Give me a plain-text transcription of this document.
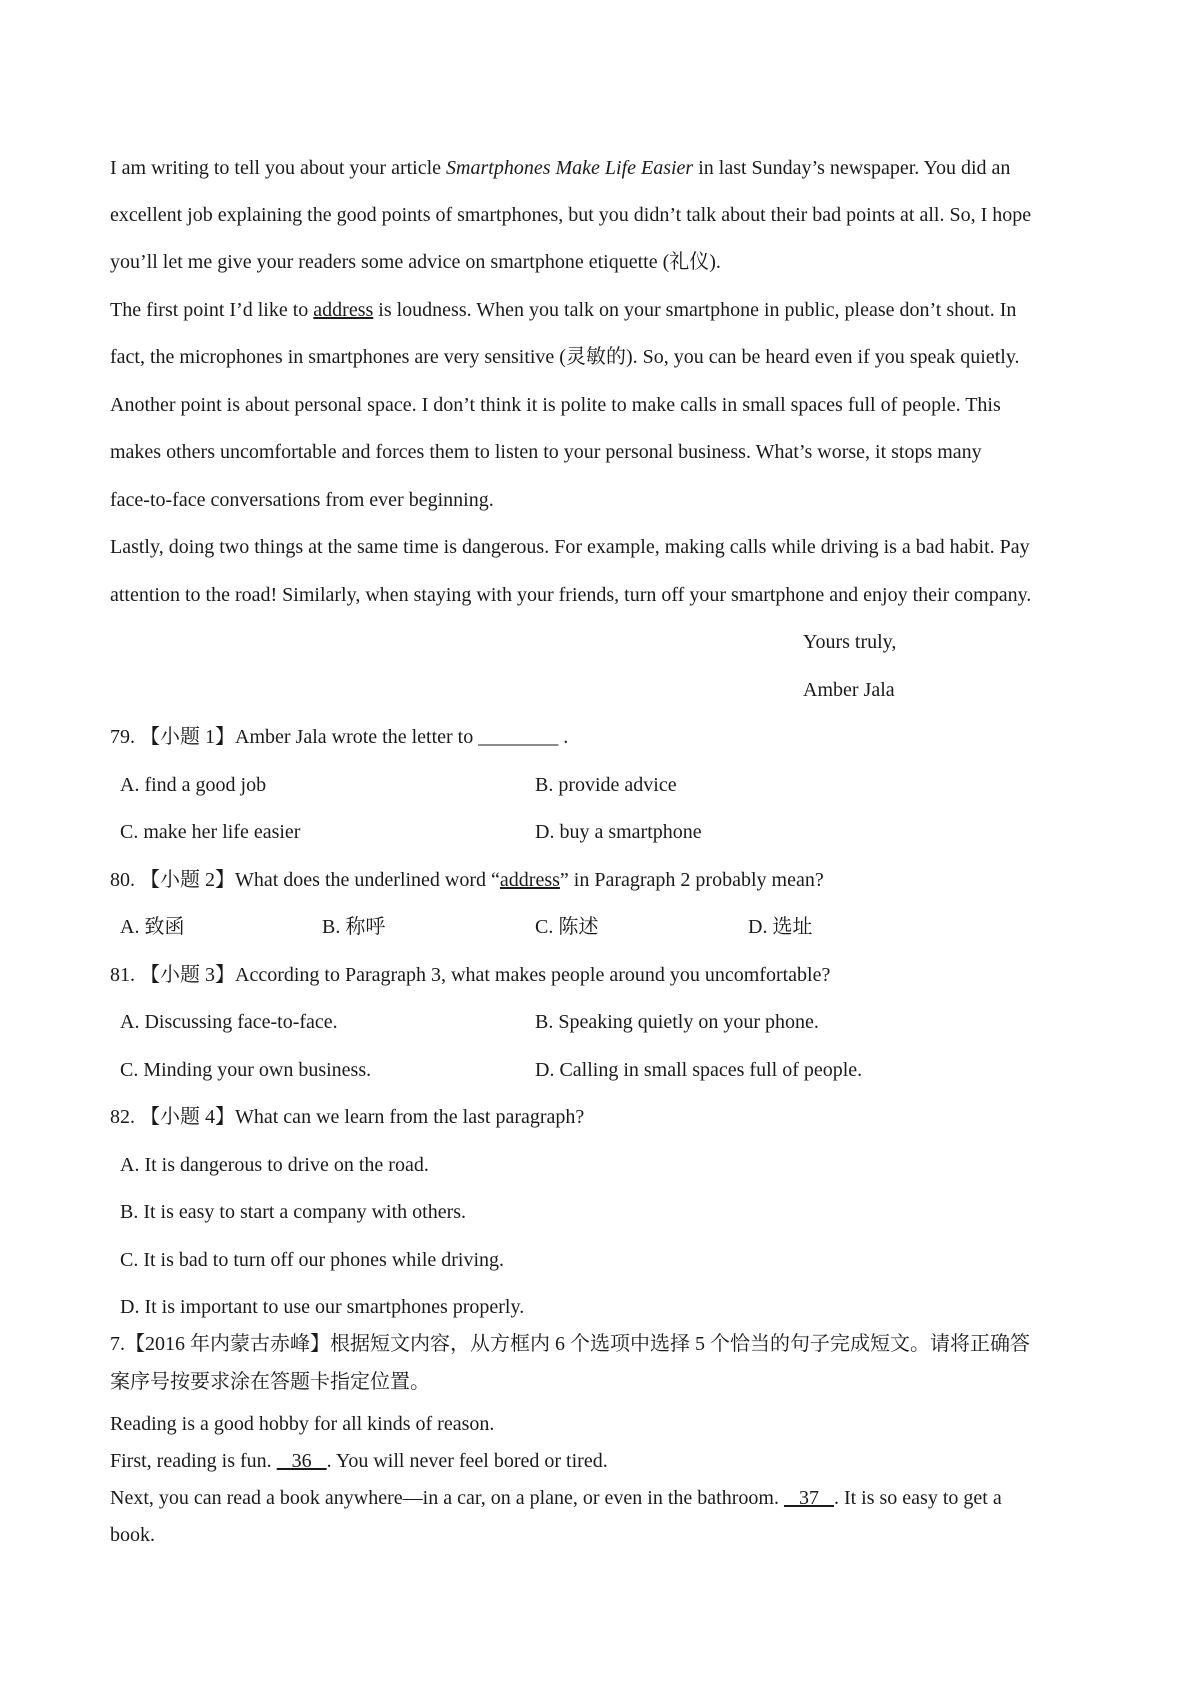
I am writing to tell you about your article Smartphones Make Life Easier in last Sunday’s newspaper. You did an
excellent job explaining the good points of smartphones, but you didn’t talk about their bad points at all. So, I hope
you’ll let me give your readers some advice on smartphone etiquette (礼仪).
The first point I’d like to address is loudness. When you talk on your smartphone in public, please don’t shout. In
fact, the microphones in smartphones are very sensitive (灵敏的). So, you can be heard even if you speak quietly.
Another point is about personal space. I don’t think it is polite to make calls in small spaces full of people. This
makes others uncomfortable and forces them to listen to your personal business. What’s worse, it stops many
face-to-face conversations from ever beginning.
Lastly, doing two things at the same time is dangerous. For example, making calls while driving is a bad habit. Pay
attention to the road! Similarly, when staying with your friends, turn off your smartphone and enjoy their company.
Yours truly,
Amber Jala
79. 【小题 1】Amber Jala wrote the letter to ________ .
A. find a good job	B. provide advice
C. make her life easier	D. buy a smartphone
80. 【小题 2】What does the underlined word “address” in Paragraph 2 probably mean?
A. 致函	B. 称呼	C. 陈述	D. 选址
81. 【小题 3】According to Paragraph 3, what makes people around you uncomfortable?
A. Discussing face-to-face.	B. Speaking quietly on your phone.
C. Minding your own business.	D. Calling in small spaces full of people.
82. 【小题 4】What can we learn from the last paragraph?
A. It is dangerous to drive on the road.
B. It is easy to start a company with others.
C. It is bad to turn off our phones while driving.
D. It is important to use our smartphones properly.
7.【2016 年内蒙古赤峰】根据短文内容，从方框内 6 个选项中选择 5 个恰当的句子完成短文。请将正确答
案序号按要求涂在答题卡指定位置。
Reading is a good hobby for all kinds of reason.
First, reading is fun.    36   . You will never feel bored or tired.
Next, you can read a book anywhere—in a car, on a plane, or even in the bathroom.    37   . It is so easy to get a
book.
